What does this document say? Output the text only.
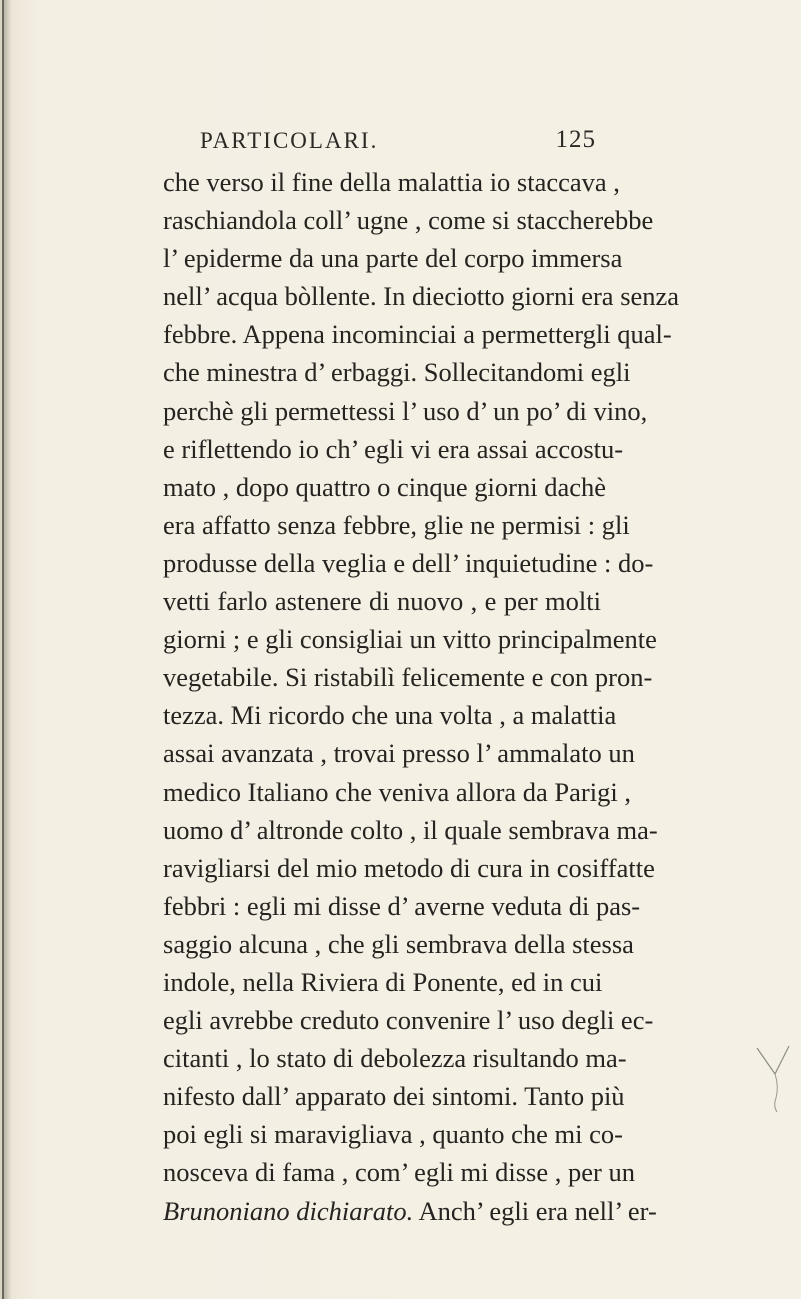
PARTICOLARI.	125
che verso il fine della malattia io staccava ,
raschiandola coll’ ugne , come si staccherebbe
l’ epiderme da una parte del corpo immersa
nell’ acqua bòllente. In dieciotto giorni era senza
febbre. Appena incominciai a permettergli qual-
che minestra d’ erbaggi. Sollecitandomi egli
perchè gli permettessi l’ uso d’ un po’ di vino,
e riflettendo io ch’ egli vi era assai accostu-
mato , dopo quattro o cinque giorni dachè
era affatto senza febbre, glie ne permisi : gli
produsse della veglia e dell’ inquietudine : do-
vetti farlo astenere di nuovo , e per molti
giorni ; e gli consigliai un vitto principalmente
vegetabile. Si ristabilì felicemente e con pron-
tezza. Mi ricordo che una volta , a malattia
assai avanzata , trovai presso l’ ammalato un
medico Italiano che veniva allora da Parigi ,
uomo d’ altronde colto , il quale sembrava ma-
ravigliarsi del mio metodo di cura in cosiffatte
febbri : egli mi disse d’ averne veduta di pas-
saggio alcuna , che gli sembrava della stessa
indole, nella Riviera di Ponente, ed in cui
egli avrebbe creduto convenire l’ uso degli ec-
citanti , lo stato di debolezza risultando ma-
nifesto dall’ apparato dei sintomi. Tanto più
poi egli si maravigliava , quanto che mi co-
nosceva di fama , com’ egli mi disse , per un
Brunoniano dichiarato. Anch’ egli era nell’ er-
